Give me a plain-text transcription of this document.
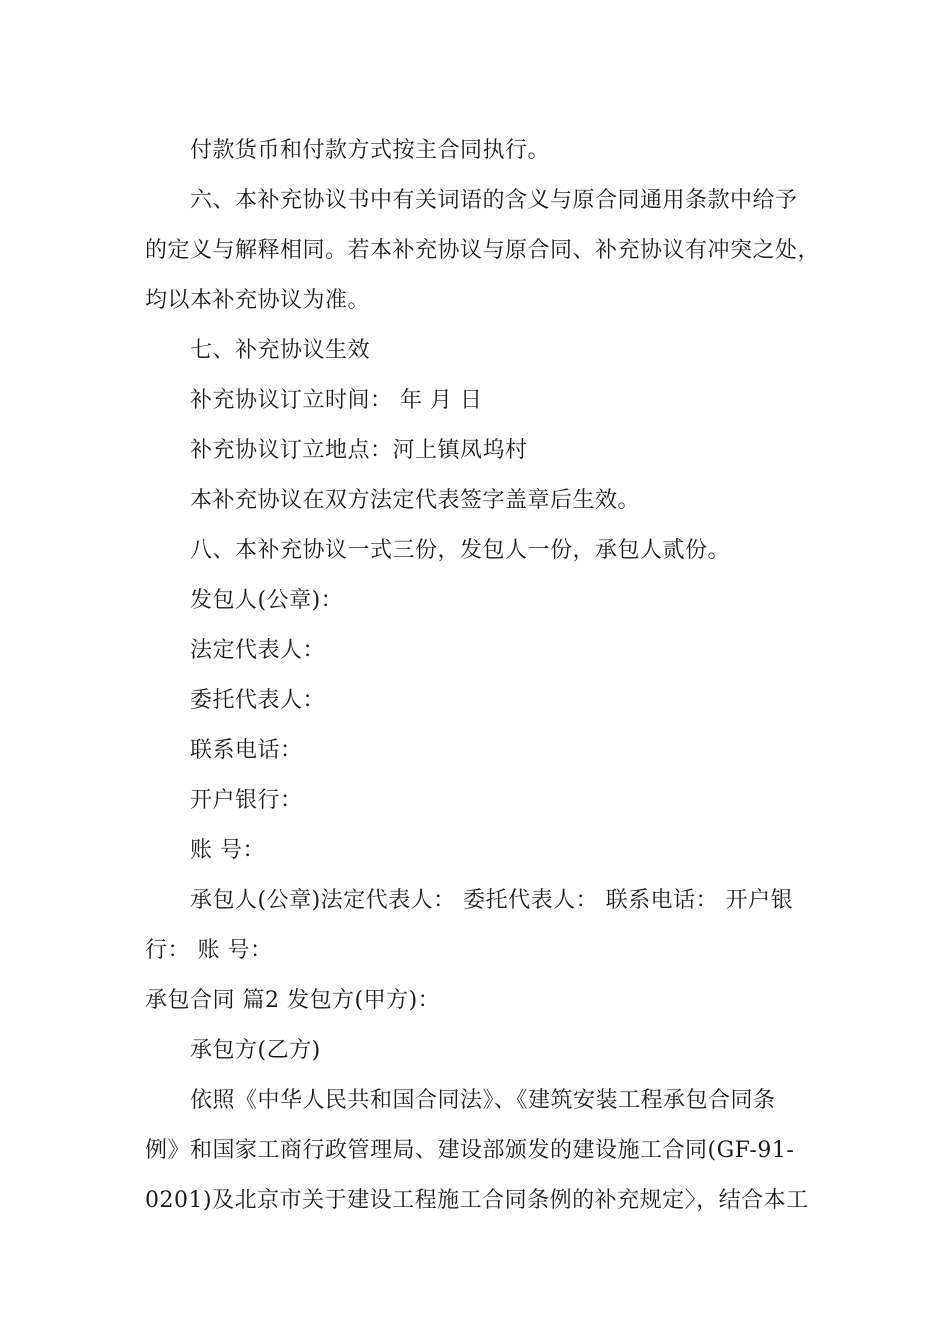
付款货币和付款方式按主合同执行。
六、本补充协议书中有关词语的含义与原合同通用条款中给予
的定义与解释相同。若本补充协议与原合同、补充协议有冲突之处，
均以本补充协议为准。
七、补充协议生效
补充协议订立时间： 年 月 日
补充协议订立地点：河上镇凤坞村
本补充协议在双方法定代表签字盖章后生效。
八、本补充协议一式三份，发包人一份，承包人贰份。
发包人(公章)：
法定代表人：
委托代表人：
联系电话：
开户银行：
账 号：
承包人(公章)法定代表人： 委托代表人： 联系电话： 开户银
行： 账 号：
承包合同 篇2 发包方(甲方)：
承包方(乙方)
依照《中华人民共和国合同法》、《建筑安装工程承包合同条
例》和国家工商行政管理局、建设部颁发的建设施工合同(GF-91-
0201)及北京市关于建设工程施工合同条例的补充规定〉，结合本工
